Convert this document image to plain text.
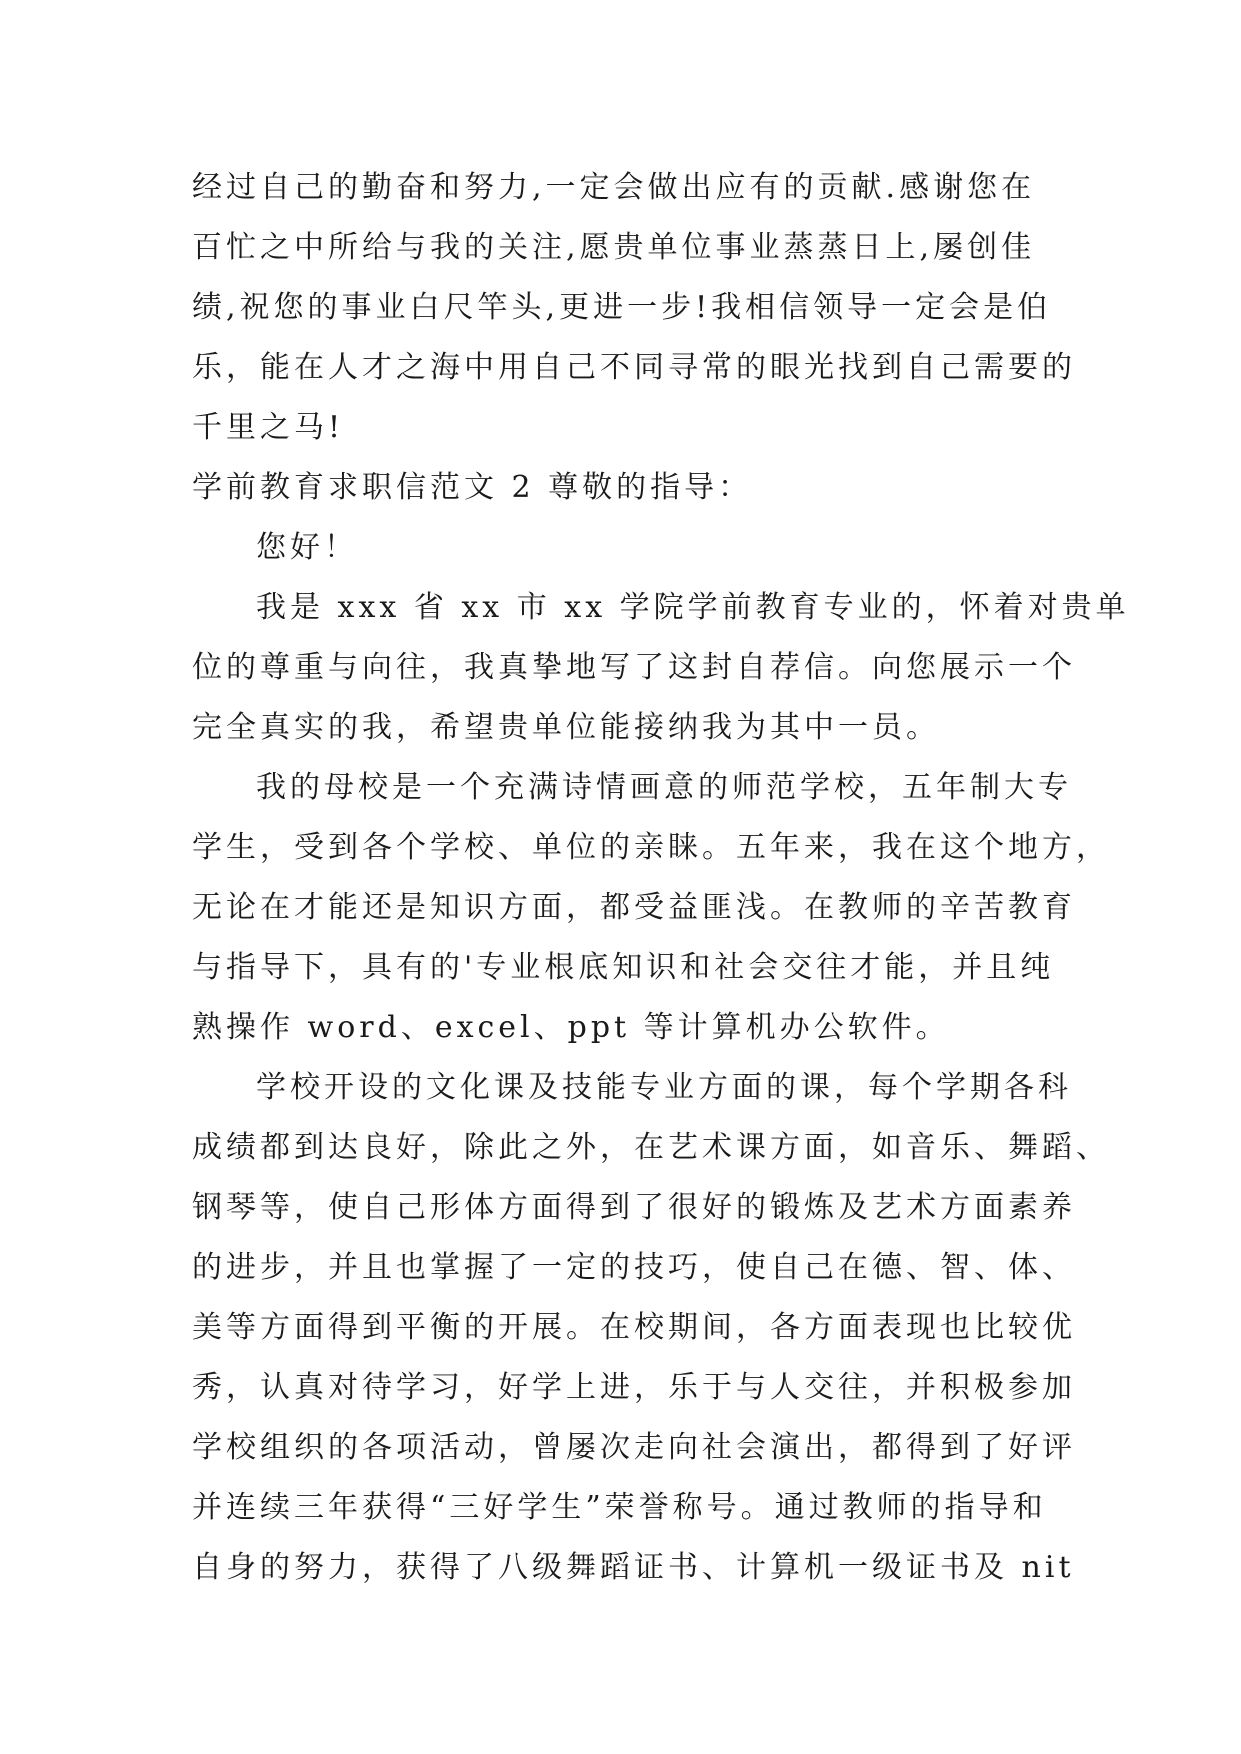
经过自己的勤奋和努力,一定会做出应有的贡献.感谢您在
百忙之中所给与我的关注,愿贵单位事业蒸蒸日上,屡创佳
绩,祝您的事业白尺竿头,更进一步!我相信领导一定会是伯
乐，能在人才之海中用自己不同寻常的眼光找到自己需要的
千里之马!
学前教育求职信范文 2 尊敬的指导：
您好！
我是 xxx 省 xx 市 xx 学院学前教育专业的，怀着对贵单
位的尊重与向往，我真挚地写了这封自荐信。向您展示一个
完全真实的我，希望贵单位能接纳我为其中一员。
我的母校是一个充满诗情画意的师范学校，五年制大专
学生，受到各个学校、单位的亲睐。五年来，我在这个地方，
无论在才能还是知识方面，都受益匪浅。在教师的辛苦教育
与指导下，具有的'专业根底知识和社会交往才能，并且纯
熟操作 word、excel、ppt 等计算机办公软件。
学校开设的文化课及技能专业方面的课，每个学期各科
成绩都到达良好，除此之外，在艺术课方面，如音乐、舞蹈、
钢琴等，使自己形体方面得到了很好的锻炼及艺术方面素养
的进步，并且也掌握了一定的技巧，使自己在德、智、体、
美等方面得到平衡的开展。在校期间，各方面表现也比较优
秀，认真对待学习，好学上进，乐于与人交往，并积极参加
学校组织的各项活动，曾屡次走向社会演出，都得到了好评
并连续三年获得“三好学生”荣誉称号。通过教师的指导和
自身的努力，获得了八级舞蹈证书、计算机一级证书及 nit
